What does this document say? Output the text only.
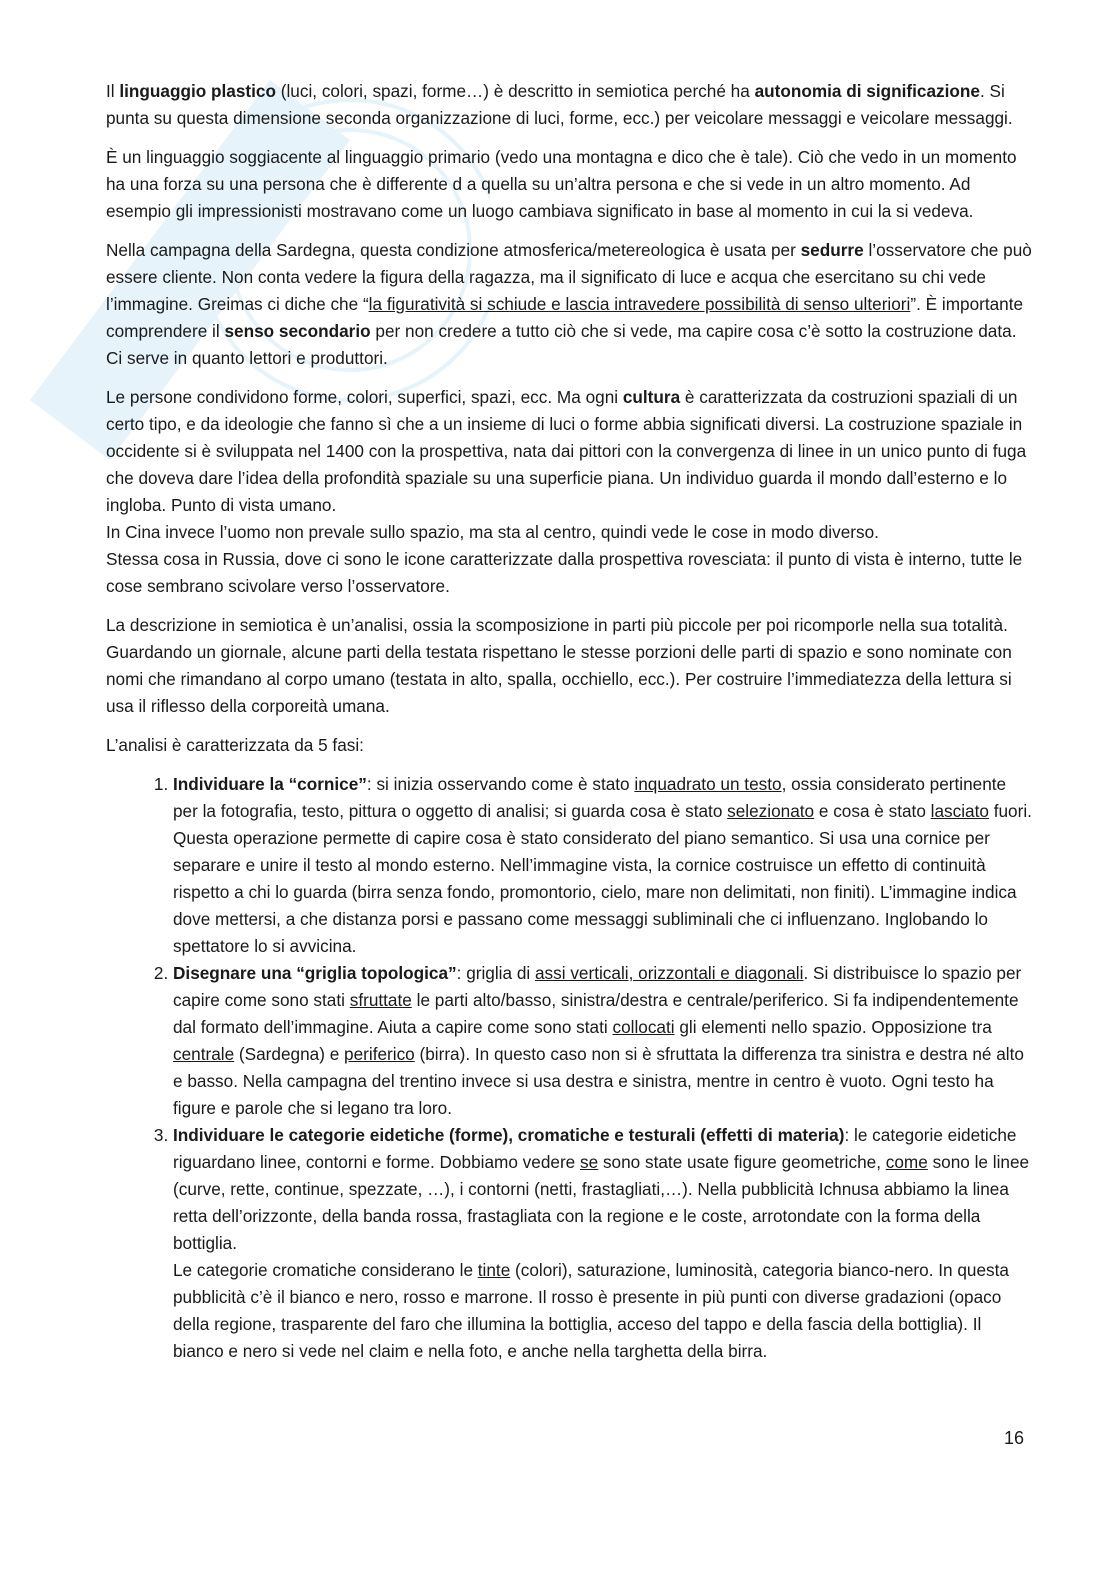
Il linguaggio plastico (luci, colori, spazi, forme…) è descritto in semiotica perché ha autonomia di significazione. Si punta su questa dimensione seconda organizzazione di luci, forme, ecc.) per veicolare messaggi e veicolare messaggi.

È un linguaggio soggiacente al linguaggio primario (vedo una montagna e dico che è tale). Ciò che vedo in un momento ha una forza su una persona che è differente d a quella su un’altra persona e che si vede in un altro momento. Ad esempio gli impressionisti mostravano come un luogo cambiava significato in base al momento in cui la si vedeva.

Nella campagna della Sardegna, questa condizione atmosferica/metereologica è usata per sedurre l’osservatore che può essere cliente. Non conta vedere la figura della ragazza, ma il significato di luce e acqua che esercitano su chi vede l’immagine. Greimas ci diche che “la figuratività si schiude e lascia intravedere possibilità di senso ulteriori”. È importante comprendere il senso secondario per non credere a tutto ciò che si vede, ma capire cosa c’è sotto la costruzione data. Ci serve in quanto lettori e produttori.

Le persone condividono forme, colori, superfici, spazi, ecc. Ma ogni cultura è caratterizzata da costruzioni spaziali di un certo tipo, e da ideologie che fanno sì che a un insieme di luci o forme abbia significati diversi. La costruzione spaziale in occidente si è sviluppata nel 1400 con la prospettiva, nata dai pittori con la convergenza di linee in un unico punto di fuga che doveva dare l’idea della profondità spaziale su una superficie piana. Un individuo guarda il mondo dall’esterno e lo ingloba. Punto di vista umano.

In Cina invece l’uomo non prevale sullo spazio, ma sta al centro, quindi vede le cose in modo diverso.

Stessa cosa in Russia, dove ci sono le icone caratterizzate dalla prospettiva rovesciata: il punto di vista è interno, tutte le cose sembrano scivolare verso l’osservatore.

La descrizione in semiotica è un’analisi, ossia la scomposizione in parti più piccole per poi ricomporle nella sua totalità. Guardando un giornale, alcune parti della testata rispettano le stesse porzioni delle parti di spazio e sono nominate con nomi che rimandano al corpo umano (testata in alto, spalla, occhiello, ecc.). Per costruire l’immediatezza della lettura si usa il riflesso della corporeità umana.

L’analisi è caratterizzata da 5 fasi:

1. Individuare la “cornice”: si inizia osservando come è stato inquadrato un testo, ossia considerato pertinente per la fotografia, testo, pittura o oggetto di analisi; si guarda cosa è stato selezionato e cosa è stato lasciato fuori. Questa operazione permette di capire cosa è stato considerato del piano semantico. Si usa una cornice per separare e unire il testo al mondo esterno. Nell’immagine vista, la cornice costruisce un effetto di continuità rispetto a chi lo guarda (birra senza fondo, promontorio, cielo, mare non delimitati, non finiti). L’immagine indica dove mettersi, a che distanza porsi e passano come messaggi subliminali che ci influenzano. Inglobando lo spettatore lo si avvicina.
2. Disegnare una “griglia topologica”: griglia di assi verticali, orizzontali e diagonali. Si distribuisce lo spazio per capire come sono stati sfruttate le parti alto/basso, sinistra/destra e centrale/periferico. Si fa indipendentemente dal formato dell’immagine. Aiuta a capire come sono stati collocati gli elementi nello spazio. Opposizione tra centrale (Sardegna) e periferico (birra). In questo caso non si è sfruttata la differenza tra sinistra e destra né alto e basso. Nella campagna del trentino invece si usa destra e sinistra, mentre in centro è vuoto. Ogni testo ha figure e parole che si legano tra loro.
3. Individuare le categorie eidetiche (forme), cromatiche e testurali (effetti di materia): le categorie eidetiche riguardano linee, contorni e forme. Dobbiamo vedere se sono state usate figure geometriche, come sono le linee (curve, rette, continue, spezzate, …), i contorni (netti, frastagliati,…). Nella pubblicità Ichnusa abbiamo la linea retta dell’orizzonte, della banda rossa, frastagliata con la regione e le coste, arrotondate con la forma della bottiglia.
Le categorie cromatiche considerano le tinte (colori), saturazione, luminosità, categoria bianco-nero. In questa pubblicità c’è il bianco e nero, rosso e marrone. Il rosso è presente in più punti con diverse gradazioni (opaco della regione, trasparente del faro che illumina la bottiglia, acceso del tappo e della fascia della bottiglia). Il bianco e nero si vede nel claim e nella foto, e anche nella targhetta della birra.
16
